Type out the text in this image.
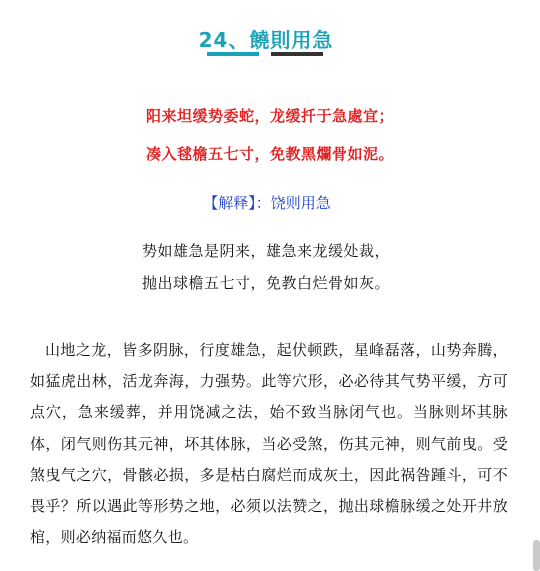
24、饒則用急
阳来坦缓势委蛇，龙缓扦于急處宜；
凑入毬檐五七寸，免教黑爛骨如泥。
【解释】：饶则用急
势如雄急是阴来，雄急来龙缓处裁，
抛出球檐五七寸，免教白烂骨如灰。

山地之龙，皆多阴脉，行度雄急，起伏顿跌，星峰磊落，山势奔腾，如猛虎出林，活龙奔海，力强势。此等穴形，必必待其气势平缓，方可点穴，急来缓葬，并用饶减之法，始不致当脉闭气也。当脉则坏其脉体，闭气则伤其元神，坏其体脉，当必受煞，伤其元神，则气前曳。受煞曳气之穴，骨骸必损，多是枯白腐烂而成灰土，因此祸咎踵斗，可不畏乎？所以遇此等形势之地，必须以法赞之，抛出球檐脉缓之处开井放棺，则必纳福而悠久也。
